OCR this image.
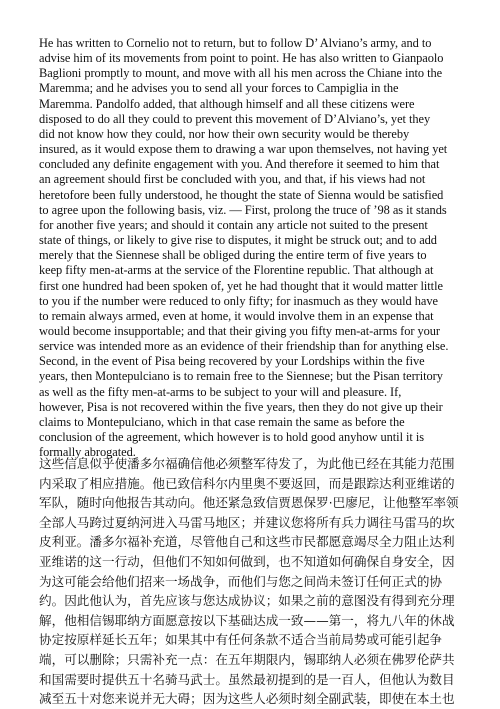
He has written to Cornelio not to return, but to follow D’ Alviano’s army, and to
advise him of its movements from point to point. He has also written to Gianpaolo
Baglioni promptly to mount, and move with all his men across the Chiane into the
Maremma; and he advises you to send all your forces to Campiglia in the
Maremma. Pandolfo added, that although himself and all these citizens were
disposed to do all they could to prevent this movement of D’Alviano’s, yet they
did not know how they could, nor how their own security would be thereby
insured, as it would expose them to drawing a war upon themselves, not having yet
concluded any definite engagement with you. And therefore it seemed to him that
an agreement should first be concluded with you, and that, if his views had not
heretofore been fully understood, he thought the state of Sienna would be satisfied
to agree upon the following basis, viz. — First, prolong the truce of ’98 as it stands
for another five years; and should it contain any article not suited to the present
state of things, or likely to give rise to disputes, it might be struck out; and to add
merely that the Siennese shall be obliged during the entire term of five years to
keep fifty men-at-arms at the service of the Florentine republic. That although at
first one hundred had been spoken of, yet he had thought that it would matter little
to you if the number were reduced to only fifty; for inasmuch as they would have
to remain always armed, even at home, it would involve them in an expense that
would become insupportable; and that their giving you fifty men-at-arms for your
service was intended more as an evidence of their friendship than for anything else.
Second, in the event of Pisa being recovered by your Lordships within the five
years, then Montepulciano is to remain free to the Siennese; but the Pisan territory
as well as the fifty men-at-arms to be subject to your will and pleasure. If,
however, Pisa is not recovered within the five years, then they do not give up their
claims to Montepulciano, which in that case remain the same as before the
conclusion of the agreement, which however is to hold good anyhow until it is
formally abrogated.

这些信息似乎使潘多尔福确信他必须整军待发了，为此他已经在其能力范围
内采取了相应措施。他已致信科尔内里奥不要返回，而是跟踪达利亚维诺的
军队，随时向他报告其动向。他还紧急致信贾恩保罗·巴廖尼，让他整军率领
全部人马跨过夏纳河进入马雷马地区；并建议您将所有兵力调往马雷马的坎
皮利亚。潘多尔福补充道，尽管他自己和这些市民都愿意竭尽全力阻止达利
亚维诺的这一行动，但他们不知如何做到，也不知道如何确保自身安全，因
为这可能会给他们招来一场战争，而他们与您之间尚未签订任何正式的协
约。因此他认为，首先应该与您达成协议；如果之前的意图没有得到充分理
解，他相信锡耶纳方面愿意按以下基础达成一致——第一，将九八年的休战
协定按原样延长五年；如果其中有任何条款不适合当前局势或可能引起争
端，可以删除；只需补充一点：在五年期限内，锡耶纳人必须在佛罗伦萨共
和国需要时提供五十名骑马武士。虽然最初提到的是一百人，但他认为数目
减至五十对您来说并无大碍；因为这些人必须时刻全副武装，即使在本土也
